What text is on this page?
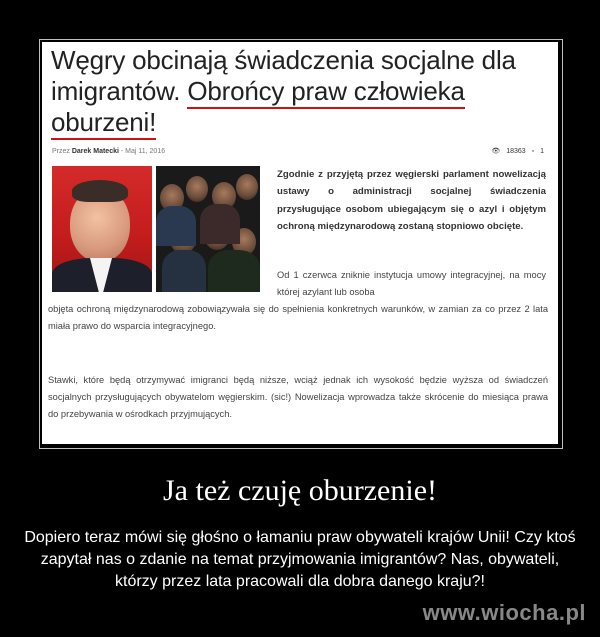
Węgry obcinają świadczenia socjalne dla imigrantów. Obrońcy praw człowieka oburzeni!
Przez Darek Matecki - Maj 11, 2016	👁︎ 18363 ▫ 1
Zgodnie z przyjętą przez węgierski parlament nowelizacją ustawy o administracji socjalnej świadczenia przysługujące osobom ubiegającym się o azyl i objętym ochroną międzynarodową zostaną stopniowo obcięte.
Od 1 czerwca zniknie instytucja umowy integracyjnej, na mocy której azylant lub osoba
objęta ochroną międzynarodową zobowiązywała się do spełnienia konkretnych warunków, w zamian za co przez 2 lata miała prawo do wsparcia integracyjnego.
Stawki, które będą otrzymywać imigranci będą niższe, wciąż jednak ich wysokość będzie wyższa od świadczeń socjalnych przysługujących obywatelom węgierskim. (sic!) Nowelizacja wprowadza także skrócenie do miesiąca prawa do przebywania w ośrodkach przyjmujących.
Ja też czuję oburzenie!
Dopiero teraz mówi się głośno o łamaniu praw obywateli krajów Unii! Czy ktoś zapytał nas o zdanie na temat przyjmowania imigrantów? Nas, obywateli, którzy przez lata pracowali dla dobra danego kraju?!
www.wiocha.pl
